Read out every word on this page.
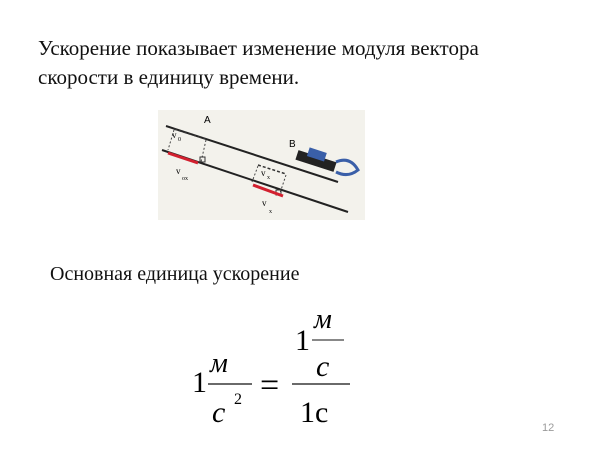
Ускорение показывает изменение модуля вектора скорости в единицу времени.

A
B
v 0
v x
v
ox
v
x

Основная единица ускорение

1
м
с 2 =
1
м
с
1с	12
